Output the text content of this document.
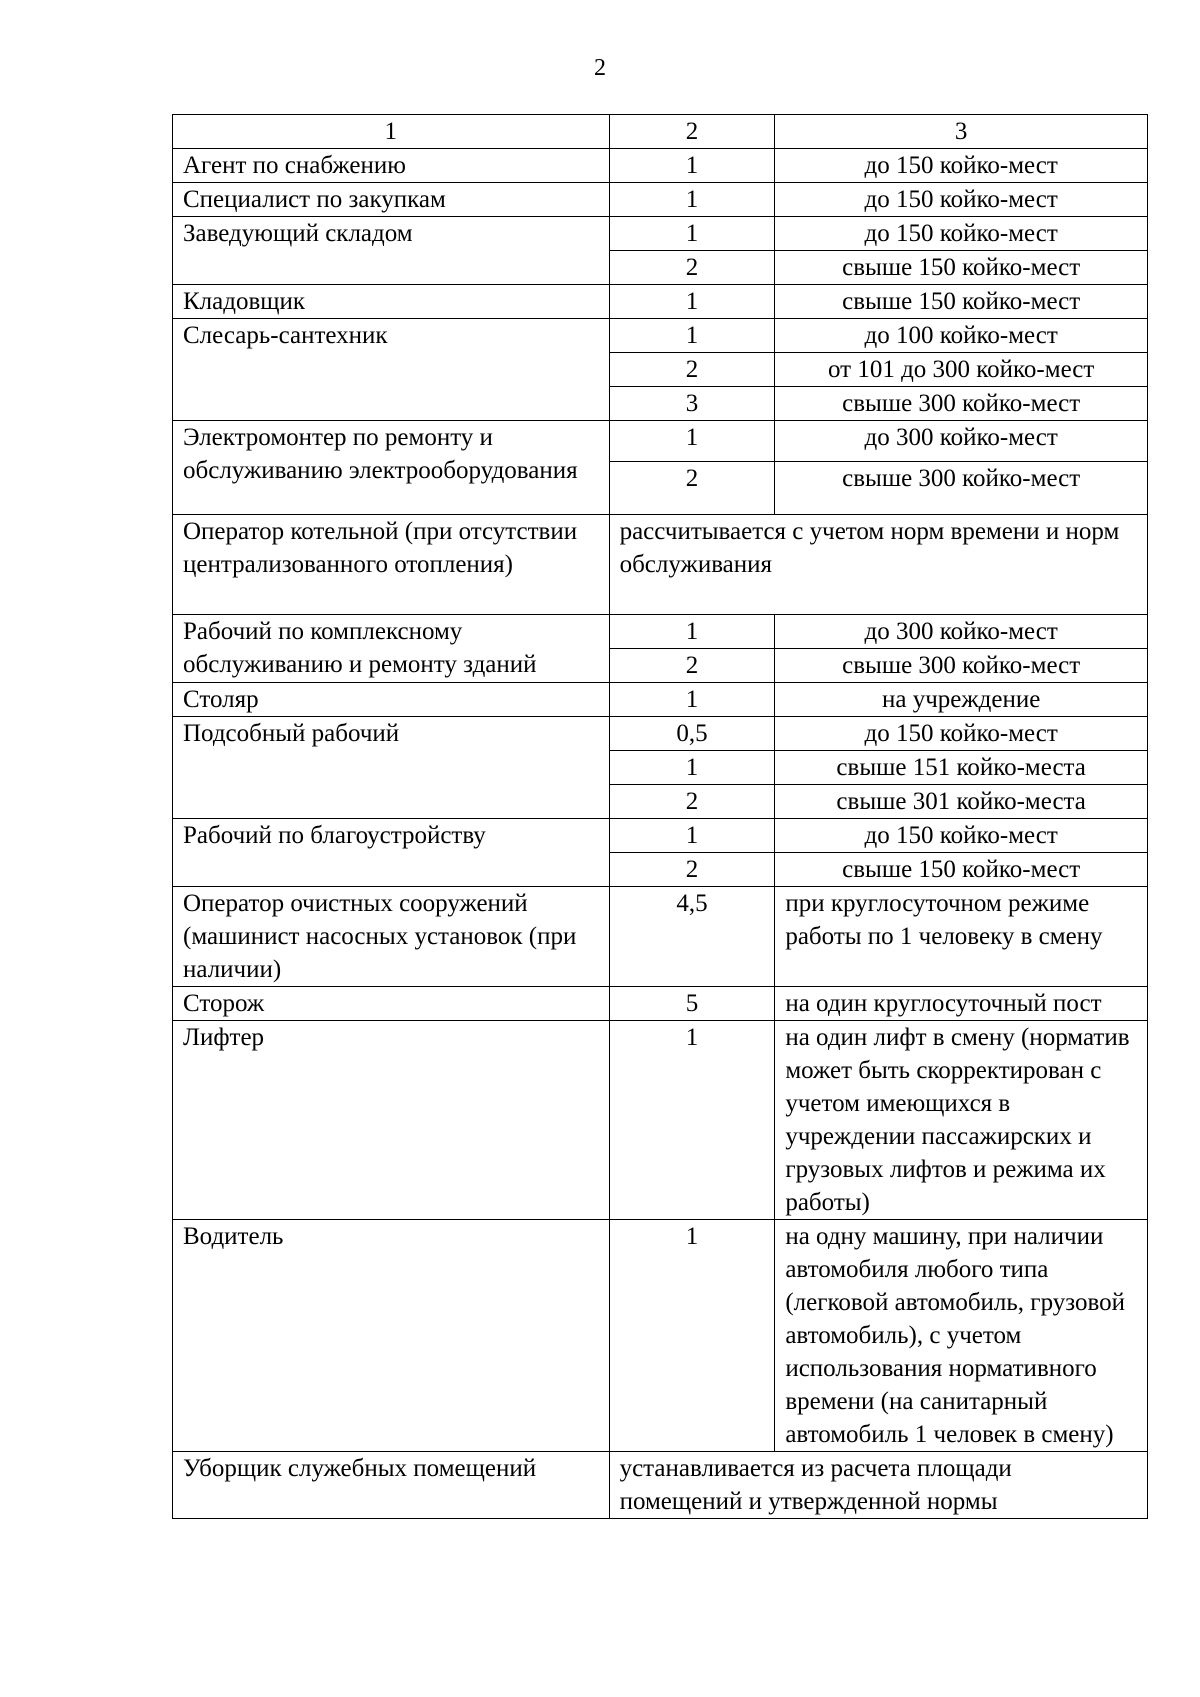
2
1	2	3
Агент по снабжению	1	до 150 койко-мест
Специалист по закупкам	1	до 150 койко-мест
Заведующий складом	1	до 150 койко-мест
	2	свыше 150 койко-мест
Кладовщик	1	свыше 150 койко-мест
Слесарь-сантехник	1	до 100 койко-мест
	2	от 101 до 300 койко-мест
	3	свыше 300 койко-мест
Электромонтер по ремонту и обслуживанию электрооборудования	1	до 300 койко-мест
	2	свыше 300 койко-мест
Оператор котельной (при отсутствии централизованного отопления)	рассчитывается с учетом норм времени и норм обслуживания	
Рабочий по комплексному обслуживанию и ремонту зданий	1	до 300 койко-мест
	2	свыше 300 койко-мест
Столяр	1	на учреждение
Подсобный рабочий	0,5	до 150 койко-мест
	1	свыше 151 койко-места
	2	свыше 301 койко-места
Рабочий по благоустройству	1	до 150 койко-мест
	2	свыше 150 койко-мест
Оператор очистных сооружений (машинист насосных установок (при наличии)	4,5	при круглосуточном режиме работы по 1 человеку в смену
Сторож	5	на один круглосуточный пост
Лифтер	1	на один лифт в смену (норматив может быть скорректирован с учетом имеющихся в учреждении пассажирских и грузовых лифтов и режима их работы)
Водитель	1	на одну машину, при наличии автомобиля любого типа (легковой автомобиль, грузовой автомобиль), с учетом использования нормативного времени (на санитарный автомобиль 1 человек в смену)
Уборщик служебных помещений	устанавливается из расчета площади помещений и утвержденной нормы	
